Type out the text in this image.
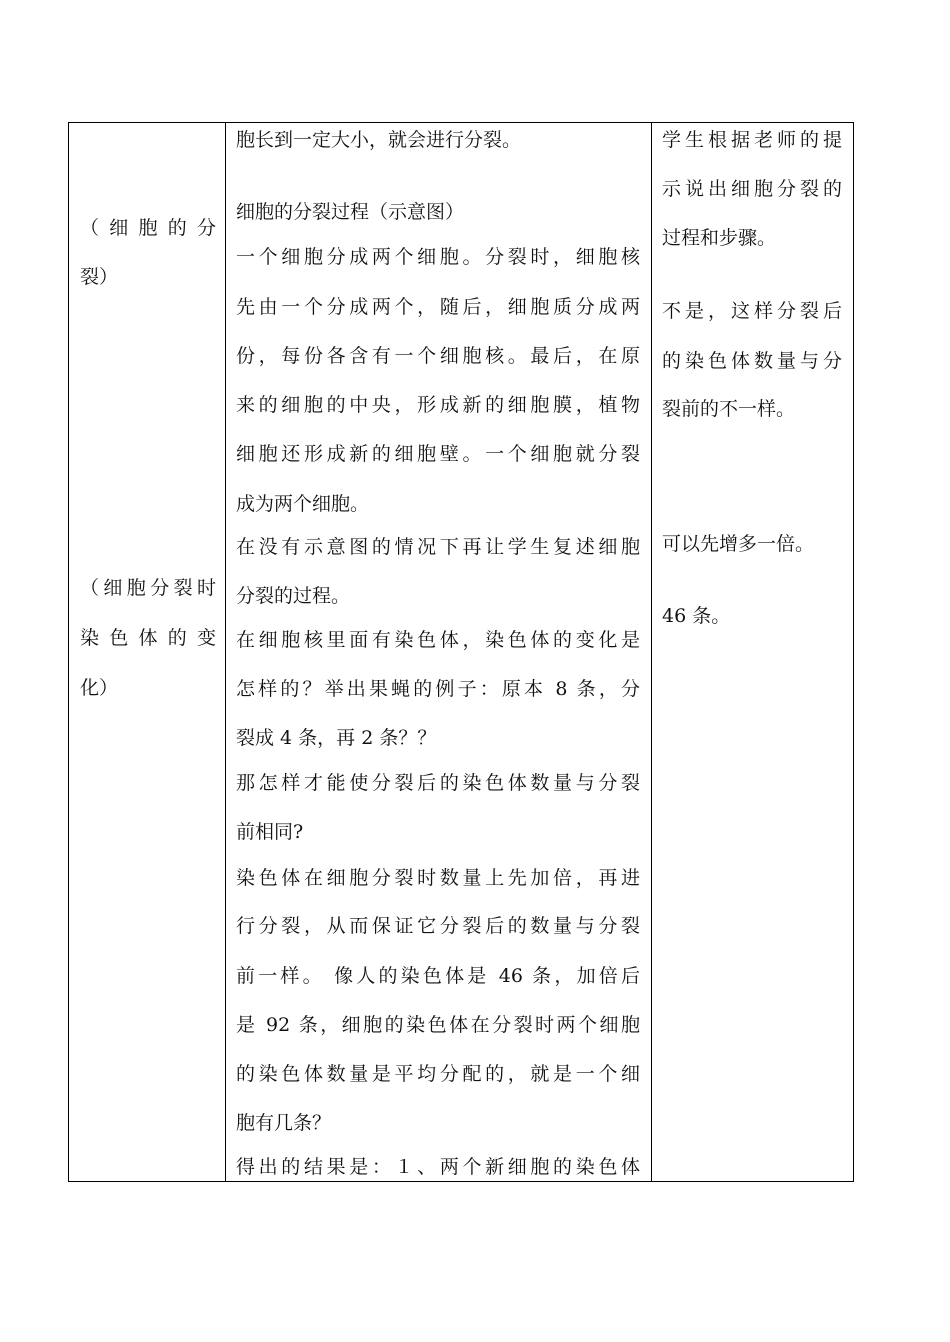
（ 细 胞 的 分
裂）
（细胞分裂时
染 色 体 的 变
化）
胞长到一定大小，就会进行分裂。
细胞的分裂过程（示意图）
一个细胞分成两个细胞。分裂时，细胞核
先由一个分成两个，随后，细胞质分成两
份，每份各含有一个细胞核。最后，在原
来的细胞的中央，形成新的细胞膜，植物
细胞还形成新的细胞壁。一个细胞就分裂
成为两个细胞。
在没有示意图的情况下再让学生复述细胞
分裂的过程。
在细胞核里面有染色体，染色体的变化是
怎样的？举出果蝇的例子：原本 8 条，分
裂成 4 条，再 2 条？？
那怎样才能使分裂后的染色体数量与分裂
前相同?
染色体在细胞分裂时数量上先加倍，再进
行分裂，从而保证它分裂后的数量与分裂
前一样。 像人的染色体是 46 条，加倍后
是 92 条，细胞的染色体在分裂时两个细胞
的染色体数量是平均分配的，就是一个细
胞有几条？
得出的结果是：１、两个新细胞的染色体
学生根据老师的提
示说出细胞分裂的
过程和步骤。
不是，这样分裂后
的染色体数量与分
裂前的不一样。
可以先增多一倍。
46 条。
